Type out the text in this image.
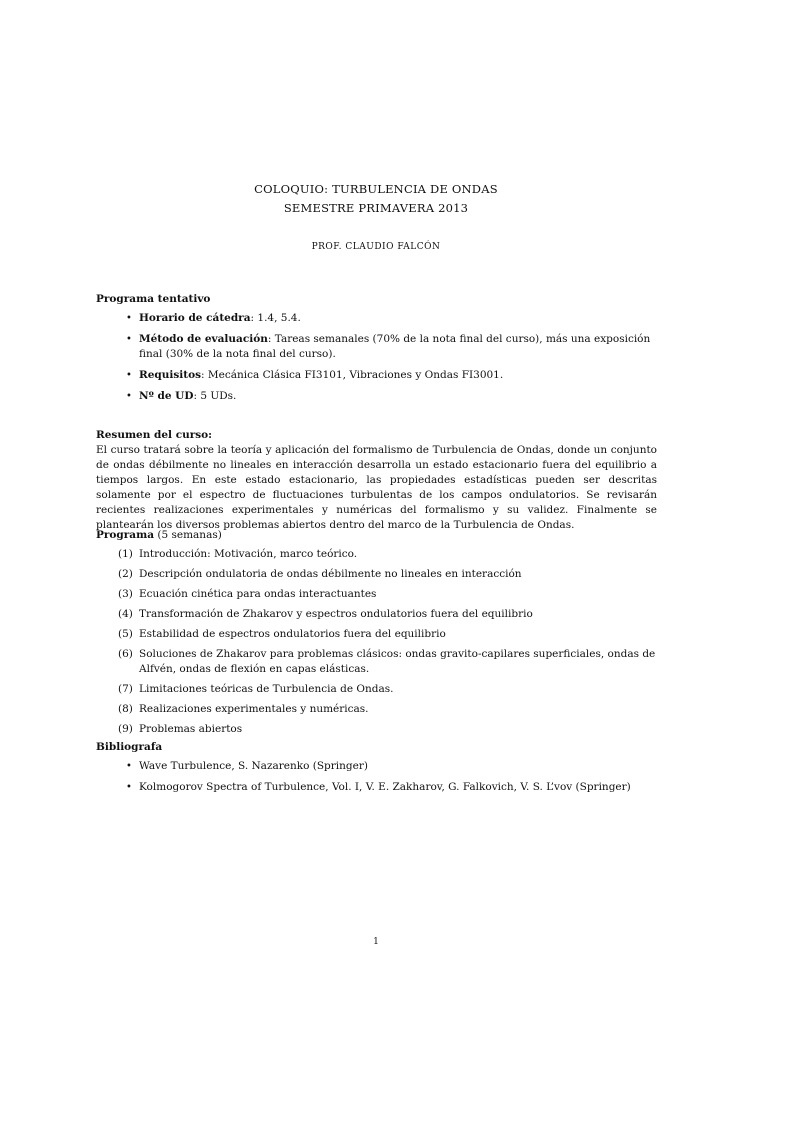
COLOQUIO: TURBULENCIA DE ONDAS
SEMESTRE PRIMAVERA 2013
PROF. CLAUDIO FALCÓN
Programa tentativo
• Horario de cátedra: 1.4, 5.4.
• Método de evaluación: Tareas semanales (70% de la nota final del curso), más una exposición final (30% de la nota final del curso).
• Requisitos: Mecánica Clásica FI3101, Vibraciones y Ondas FI3001.
• Nº de UD: 5 UDs.
Resumen del curso:
El curso tratará sobre la teoría y aplicación del formalismo de Turbulencia de Ondas, donde un conjunto de ondas débilmente no lineales en interacción desarrolla un estado estacionario fuera del equilibrio a tiempos largos. En este estado estacionario, las propiedades estadísticas pueden ser descritas solamente por el espectro de fluctuaciones turbulentas de los campos ondulatorios. Se revisarán recientes realizaciones experimentales y numéricas del formalismo y su validez. Finalmente se plantearán los diversos problemas abiertos dentro del marco de la Turbulencia de Ondas.
Programa (5 semanas)
(1) Introducción: Motivación, marco teórico.
(2) Descripción ondulatoria de ondas débilmente no lineales en interacción
(3) Ecuación cinética para ondas interactuantes
(4) Transformación de Zhakarov y espectros ondulatorios fuera del equilibrio
(5) Estabilidad de espectros ondulatorios fuera del equilibrio
(6) Soluciones de Zhakarov para problemas clásicos: ondas gravito-capilares superficiales, ondas de Alfvén, ondas de flexión en capas elásticas.
(7) Limitaciones teóricas de Turbulencia de Ondas.
(8) Realizaciones experimentales y numéricas.
(9) Problemas abiertos
Bibliografa
• Wave Turbulence, S. Nazarenko (Springer)
• Kolmogorov Spectra of Turbulence, Vol. I, V. E. Zakharov, G. Falkovich, V. S. L’vov (Springer)
1
